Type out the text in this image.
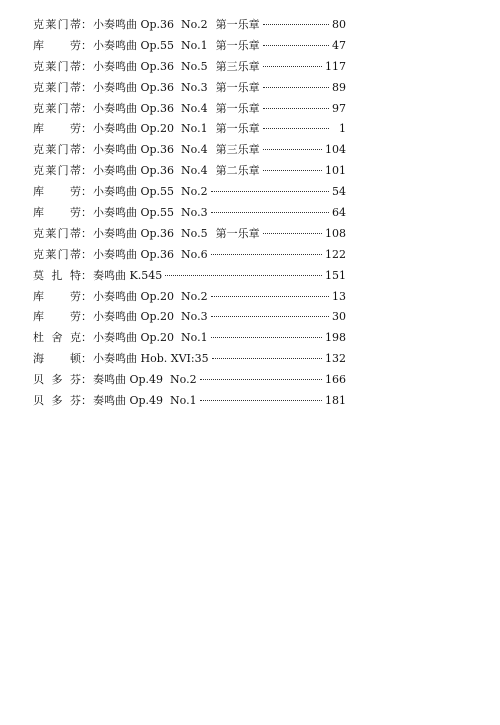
克莱门蒂 ： 小奏鸣曲 Op.36  No.2 第一乐章	80
库劳 ： 小奏鸣曲 Op.55  No.1 第一乐章	47
克莱门蒂 ： 小奏鸣曲 Op.36  No.5 第三乐章	117
克莱门蒂 ： 小奏鸣曲 Op.36  No.3 第一乐章	89
克莱门蒂 ： 小奏鸣曲 Op.36  No.4 第一乐章	97
库劳 ： 小奏鸣曲 Op.20  No.1 第一乐章	1
克莱门蒂 ： 小奏鸣曲 Op.36  No.4 第三乐章	104
克莱门蒂 ： 小奏鸣曲 Op.36  No.4 第二乐章	101
库劳 ： 小奏鸣曲 Op.55  No.2	54
库劳 ： 小奏鸣曲 Op.55  No.3	64
克莱门蒂 ： 小奏鸣曲 Op.36  No.5 第一乐章	108
克莱门蒂 ： 小奏鸣曲 Op.36  No.6	122
莫扎特 ： 奏鸣曲 K.545	151
库劳 ： 小奏鸣曲 Op.20  No.2	13
库劳 ： 小奏鸣曲 Op.20  No.3	30
杜舍克 ： 小奏鸣曲 Op.20  No.1	198
海顿 ： 小奏鸣曲 Hob. XVI:35	132
贝多芬 ： 奏鸣曲 Op.49  No.2	166
贝多芬 ： 奏鸣曲 Op.49  No.1	181
